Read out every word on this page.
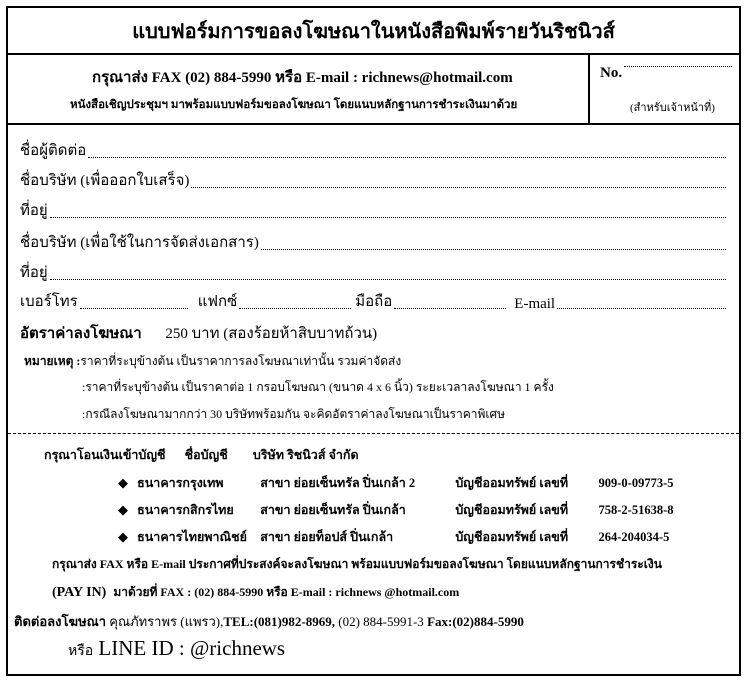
แบบฟอร์มการขอลงโฆษณาในหนังสือพิมพ์รายวันริชนิวส์
กรุณาส่ง FAX (02) 884-5990 หรือ E-mail : richnews@hotmail.com
หนังสือเชิญประชุมฯ มาพร้อมแบบฟอร์มขอลงโฆษณา โดยแนบหลักฐานการชำระเงินมาด้วย
No.
(สำหรับเจ้าหน้าที่)
ชื่อผู้ติดต่อ
ชื่อบริษัท (เพื่อออกใบเสร็จ)
ที่อยู่
ชื่อบริษัท (เพื่อใช้ในการจัดส่งเอกสาร)
ที่อยู่
เบอร์โทร	แฟกซ์	มือถือ	E-mail
อัตราค่าลงโฆษณา 250 บาท (สองร้อยห้าสิบบาทถ้วน)
หมายเหตุ :ราคาที่ระบุข้างต้น เป็นราคาการลงโฆษณาเท่านั้น รวมค่าจัดส่ง
:ราคาที่ระบุข้างต้น เป็นราคาต่อ 1 กรอบโฆษณา (ขนาด 4 x 6 นิ้ว) ระยะเวลาลงโฆษณา 1 ครั้ง
:กรณีลงโฆษณามากกว่า 30 บริษัทพร้อมกัน จะคิดอัตราค่าลงโฆษณาเป็นราคาพิเศษ
กรุณาโอนเงินเข้าบัญชี ชื่อบัญชี บริษัท ริชนิวส์ จำกัด
◆ ธนาคารกรุงเทพ	สาขา ย่อยเซ็นทรัล ปิ่นเกล้า 2	บัญชีออมทรัพย์ เลขที่ 909-0-09773-5
◆ ธนาคารกสิกรไทย สาขา ย่อยเซ็นทรัล ปิ่นเกล้า	บัญชีออมทรัพย์ เลขที่ 758-2-51638-8
◆ ธนาคารไทยพาณิชย์ สาขา ย่อยท็อปส์ ปิ่นเกล้า	บัญชีออมทรัพย์ เลขที่ 264-204034-5
กรุณาส่ง FAX หรือ E-mail ประกาศที่ประสงค์จะลงโฆษณา พร้อมแบบฟอร์มขอลงโฆษณา โดยแนบหลักฐานการชำระเงิน
(PAY IN) มาด้วยที่ FAX : (02) 884-5990 หรือ E-mail : richnews @hotmail.com
ติดต่อลงโฆษณา คุณภัทราพร (แพรว),TEL:(081)982-8969, (02) 884-5991-3 Fax:(02)884-5990
หรือ LINE ID : @richnews
